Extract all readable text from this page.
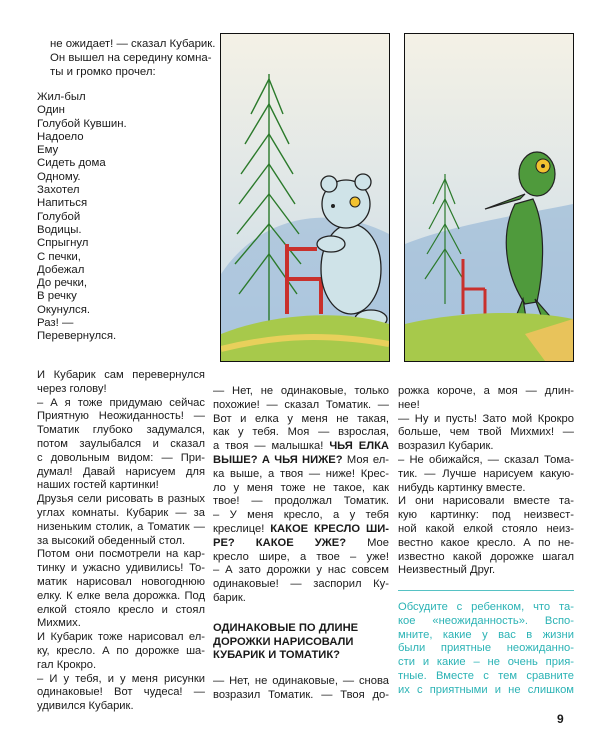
не ожидает! — сказал Кубарик.
Он вышел на середину комна-
ты и громко прочел:
Жил-был
Один
Голубой Кувшин.
Надоело
Ему
Сидеть дома
Одному.
Захотел
Напиться
Голубой
Водицы.
Спрыгнул
С печки,
Добежал
До речки,
В речку
Окунулся.
Раз! —
Перевернулся.
И Кубарик сам перевернулся
через голову!
– А я тоже придумаю сейчас
Приятную Неожиданность! —
Томатик глубоко задумался,
потом заулыбался и сказал
с довольным видом: — При-
думал! Давай нарисуем для
наших гостей картинки!
Друзья сели рисовать в разных
углах комнаты. Кубарик — за
низеньким столик, а Томатик —
за высокий обеденный стол.
Потом они посмотрели на кар-
тинку и ужасно удивились! То-
матик нарисовал новогоднюю
елку. К елке вела дорожка. Под
елкой стояло кресло и стоял
Михмих.
И Кубарик тоже нарисовал ел-
ку, кресло. А по дорожке ша-
гал Крокро.
– И у тебя, и у меня рисунки
одинаковые! Вот чудеса! —
удивился Кубарик.
— Нет, не одинаковые, только
похожие! — сказал Томатик. —
Вот и елка у меня не такая,
как у тебя. Моя — взрослая,
а твоя — малышка! ЧЬЯ ЕЛКА
ВЫШЕ? А ЧЬЯ НИЖЕ? Моя ел-
ка выше, а твоя — ниже! Крес-
ло у меня тоже не такое, как
твое! — продолжал Томатик.
– У меня кресло, а у тебя
креслице! КАКОЕ КРЕСЛО ШИ-
РЕ? КАКОЕ УЖЕ? Мое
кресло шире, а твое – уже!
– А зато дорожки у нас совсем
одинаковые! — заспорил Ку-
барик.
ОДИНАКОВЫЕ ПО ДЛИНЕ
ДОРОЖКИ НАРИСОВАЛИ
КУБАРИК И ТОМАТИК?
— Нет, не одинаковые, — снова
возразил Томатик. — Твоя до-
рожка короче, а моя — длин-
нее!
— Ну и пусть! Зато мой Крокро
больше, чем твой Михмих! —
возразил Кубарик.
– Не обижайся, — сказал Тома-
тик. — Лучше нарисуем какую-
нибудь картинку вместе.
И они нарисовали вместе та-
кую картинку: под неизвест-
ной какой елкой стояло неиз-
вестно какое кресло. А по не-
известно какой дорожке шагал
Неизвестный Друг.
Обсудите с ребенком, что та-
кое «неожиданность». Вспо-
мните, какие у вас в жизни
были приятные неожиданно-
сти и какие – не очень прия-
тные. Вместе с тем сравните
их с приятными и не слишком
9
